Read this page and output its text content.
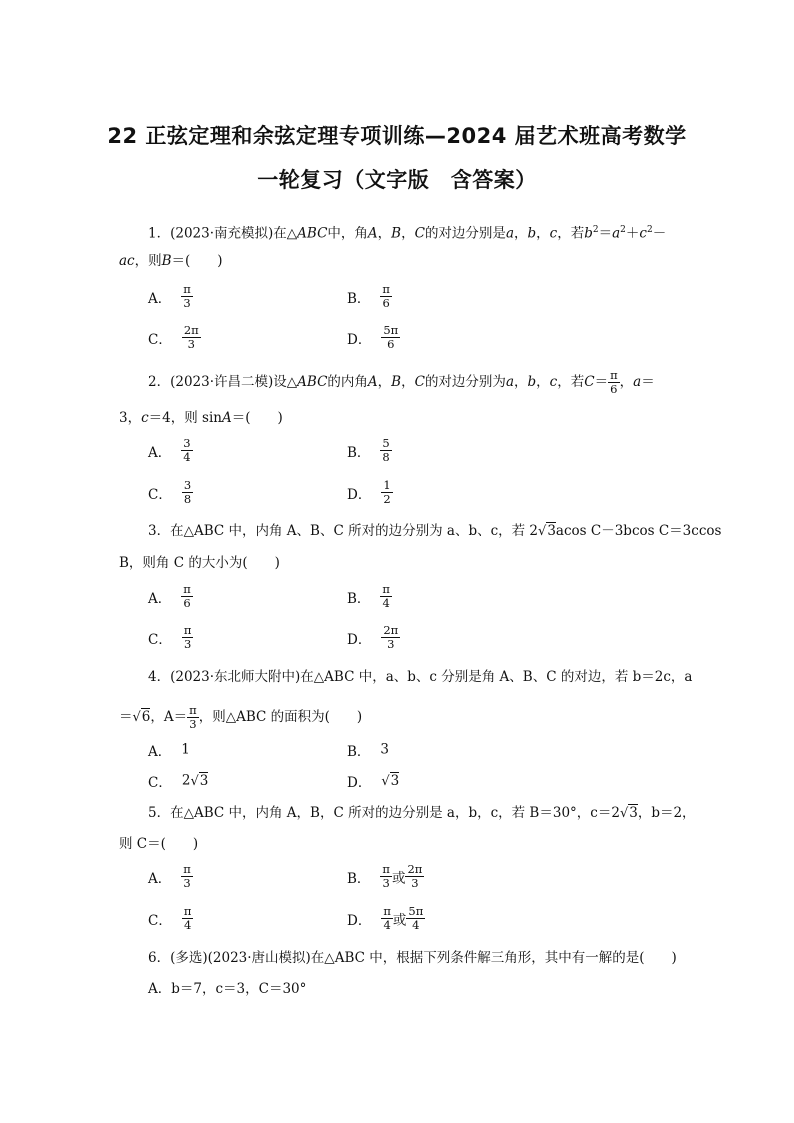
22 正弦定理和余弦定理专项训练—2024 届艺术班高考数学
一轮复习（文字版　含答案）
1．(2023·南充模拟)在△ABC中，角A，B，C的对边分别是a，b，c，若$b^2=a^2+c^2-$
ac，则B＝(　　)
A． $\frac{\pi}{3}$	B． $\frac{\pi}{6}$
C． $\frac{2\pi}{3}$	D． $\frac{5\pi}{6}$
2．(2023·许昌二模)设△ABC的内角A，B，C的对边分别为a，b，c，若$C= \frac{\pi}{6}$ ，a＝
3，c＝4，则 sinA＝(　　)
A． $\frac{3}{4}$	B． $\frac{5}{8}$
C． $\frac{3}{8}$	D． $\frac{1}{2}$
3．在△ABC 中，内角 A、B、C 所对的边分别为 a、b、c，若 2√3acos C－3bcos C＝3ccos
B，则角 C 的大小为(　　)
A． $\frac{\pi}{6}$	B． $\frac{\pi}{4}$
C． $\frac{\pi}{3}$	D． $\frac{2\pi}{3}$
4．(2023·东北师大附中)在△ABC 中，a、b、c 分别是角 A、B、C 的对边，若 b＝2c，a
＝√6，$A= \frac{\pi}{3}$ ，则△ABC 的面积为(　　)
A． 1	B． 3
C． 2√3	D． √3
5．在△ABC 中，内角 A，B，C 所对的边分别是 a，b，c，若 B＝30°，c＝2√3，b＝2，
则 C＝(　　)
A． $\frac{\pi}{3}$	B． $\frac{\pi}{3}$ 或 $\frac{2\pi}{3}$
C． $\frac{\pi}{4}$	D． $\frac{\pi}{4}$ 或 $\frac{5\pi}{4}$
6．(多选)(2023·唐山模拟)在△ABC 中，根据下列条件解三角形，其中有一解的是(　　)
A．b＝7，c＝3，C＝30°
